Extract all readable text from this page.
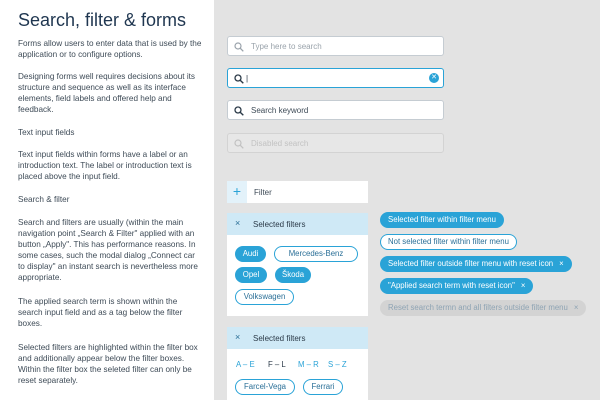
Search, filter & forms

Forms allow users to enter data that is used by the application or to configure options.

Designing forms well requires decisions about its structure and sequence as well as its interface elements, field labels and offered help and feedback.

Text input fields

Text input fields within forms have a label or an introduction text. The label or introduction text is placed above the input field.

Search & filter

Search and filters are usually (within the main navigation point „Search & Filter" applied with an button „Apply". This has performance reasons. In some cases, such the modal dialog „Connect car to display" an instant search is nevertheless more appropriate.

The applied search term is shown within the search input field and as a tag below the filter boxes.

Selected filters are highlighted within the filter box and additionally appear below the filter boxes. Within the filter box the seleted filter can only be reset separately.

Type here to search
|	✕
Search keyword
Disabled search
+	Filter
× Selected filters
Audi	Mercedes-Benz
Opel	Škoda
Volkswagen
× Selected filters
A – E F – L M – R S – Z
Farcel-Vega	Ferrari
Selected filter within filter menu
Not selected filter within filter menu
Selected filter outside filter menu with reset icon ×
"Applied search term with reset icon" ×
Reset search termn and all filters outside filter menu ×
